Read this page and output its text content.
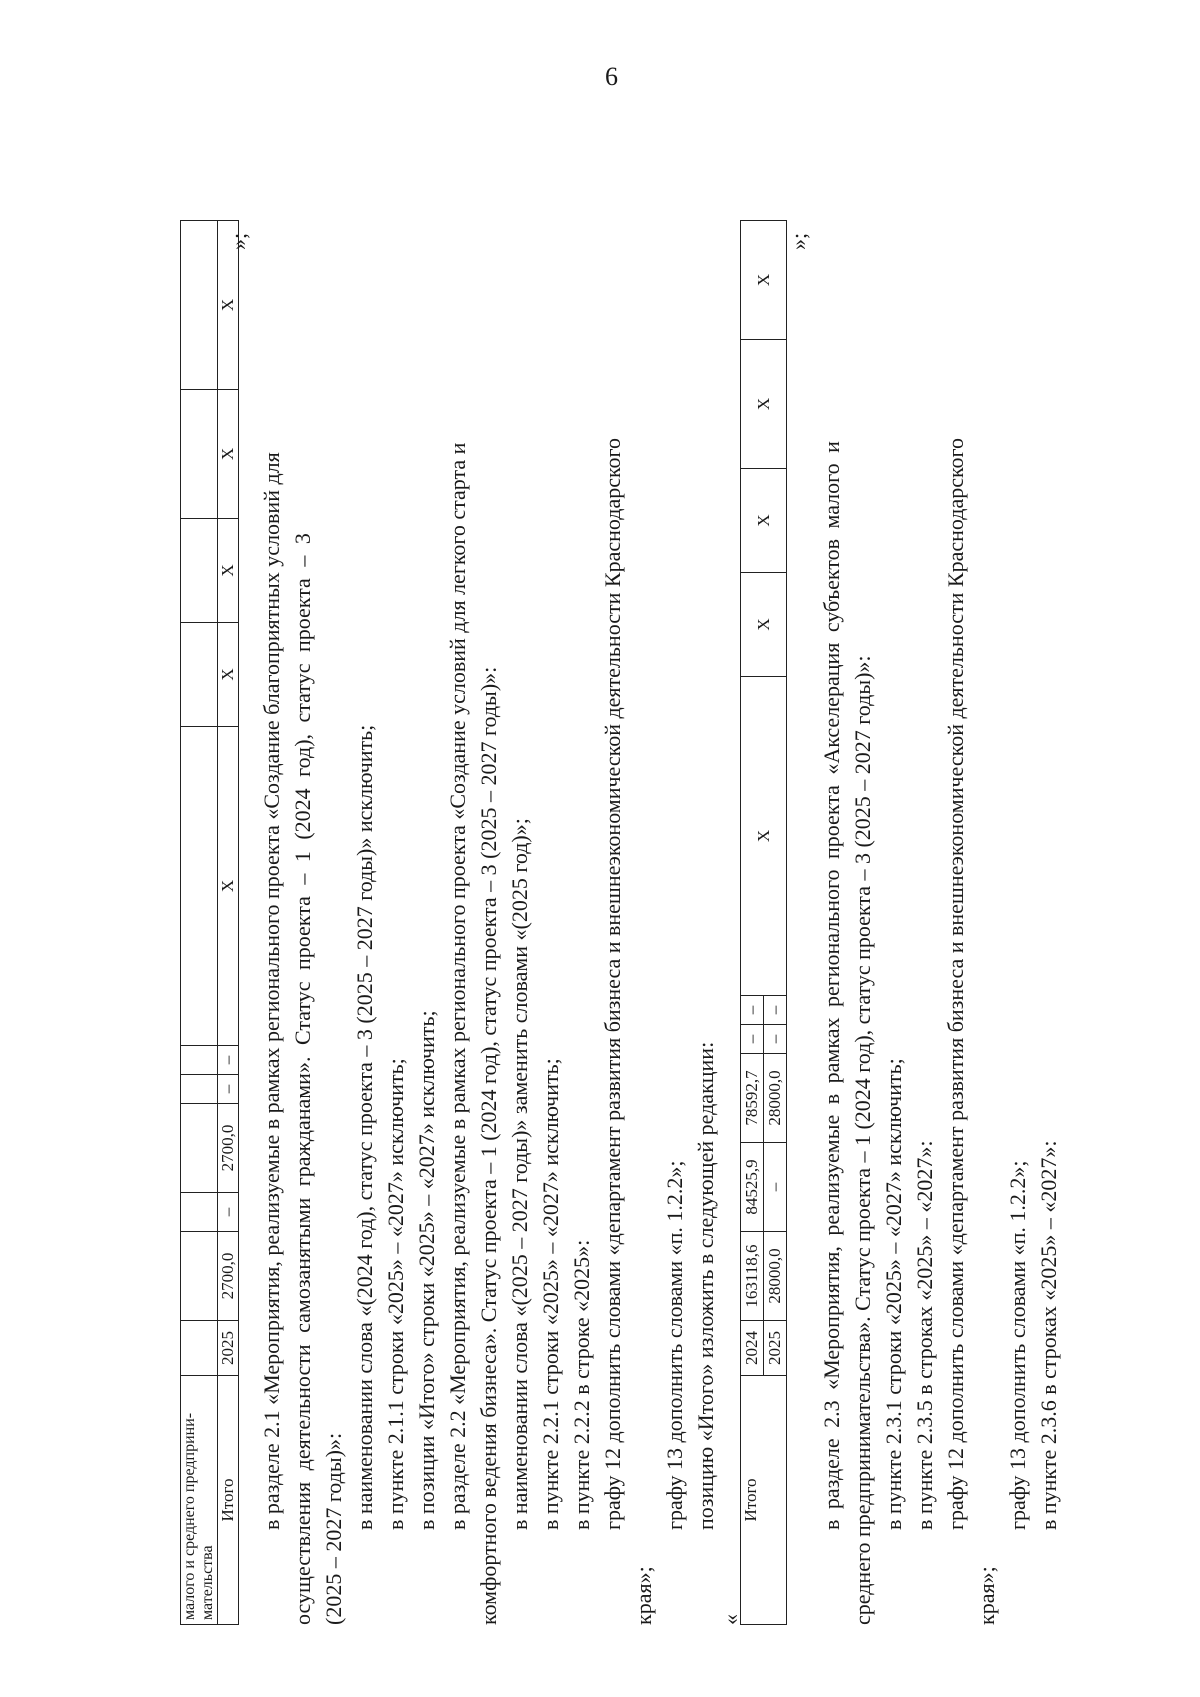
6
малого и среднего предприни- мательства											

Итого	2025	2700,0	–	2700,0	–	–	X	X	X	X	X
»;
в разделе 2.1 «Мероприятия, реализуемые в рамках регионального проекта «Создание благоприятных условий для осуществления деятельности самозанятыми гражданами». Статус проекта – 1 (2024 год), статус проекта – 3 (2025 – 2027 годы)»: в наименовании слова «(2024 год), статус проекта – 3 (2025 – 2027 годы)» исключить; в пункте 2.1.1 строки «2025» – «2027» исключить; в позиции «Итого» строки «2025» – «2027» исключить; в разделе 2.2 «Мероприятия, реализуемые в рамках регионального проекта «Создание условий для легкого старта и комфортного ведения бизнеса». Статус проекта – 1 (2024 год), статус проекта – 3 (2025 – 2027 годы)»: в наименовании слова «(2025 – 2027 годы)» заменить словами «(2025 год)»; в пункте 2.2.1 строки «2025» – «2027» исключить; в пункте 2.2.2 в строке «2025»: графу 12 дополнить словами «департамент развития бизнеса и внешнеэкономической деятельности Краснодарского
края»;
графу 13 дополнить словами «п. 1.2.2»; позицию «Итого» изложить в следующей редакции:
«
Итого	2024	163118,6	84525,9	78592,7	–	–	X	X	X	X	X
	2025	28000,0	–	28000,0	–	–					
»;
в разделе 2.3 «Мероприятия, реализуемые в рамках регионального проекта «Акселерация субъектов малого и среднего предпринимательства». Статус проекта – 1 (2024 год), статус проекта – 3 (2025 – 2027 годы)»: в пункте 2.3.1 строки «2025» – «2027» исключить; в пункте 2.3.5 в строках «2025» – «2027»: графу 12 дополнить словами «департамент развития бизнеса и внешнеэкономической деятельности Краснодарского
края»;
графу 13 дополнить словами «п. 1.2.2»; в пункте 2.3.6 в строках «2025» – «2027»:
